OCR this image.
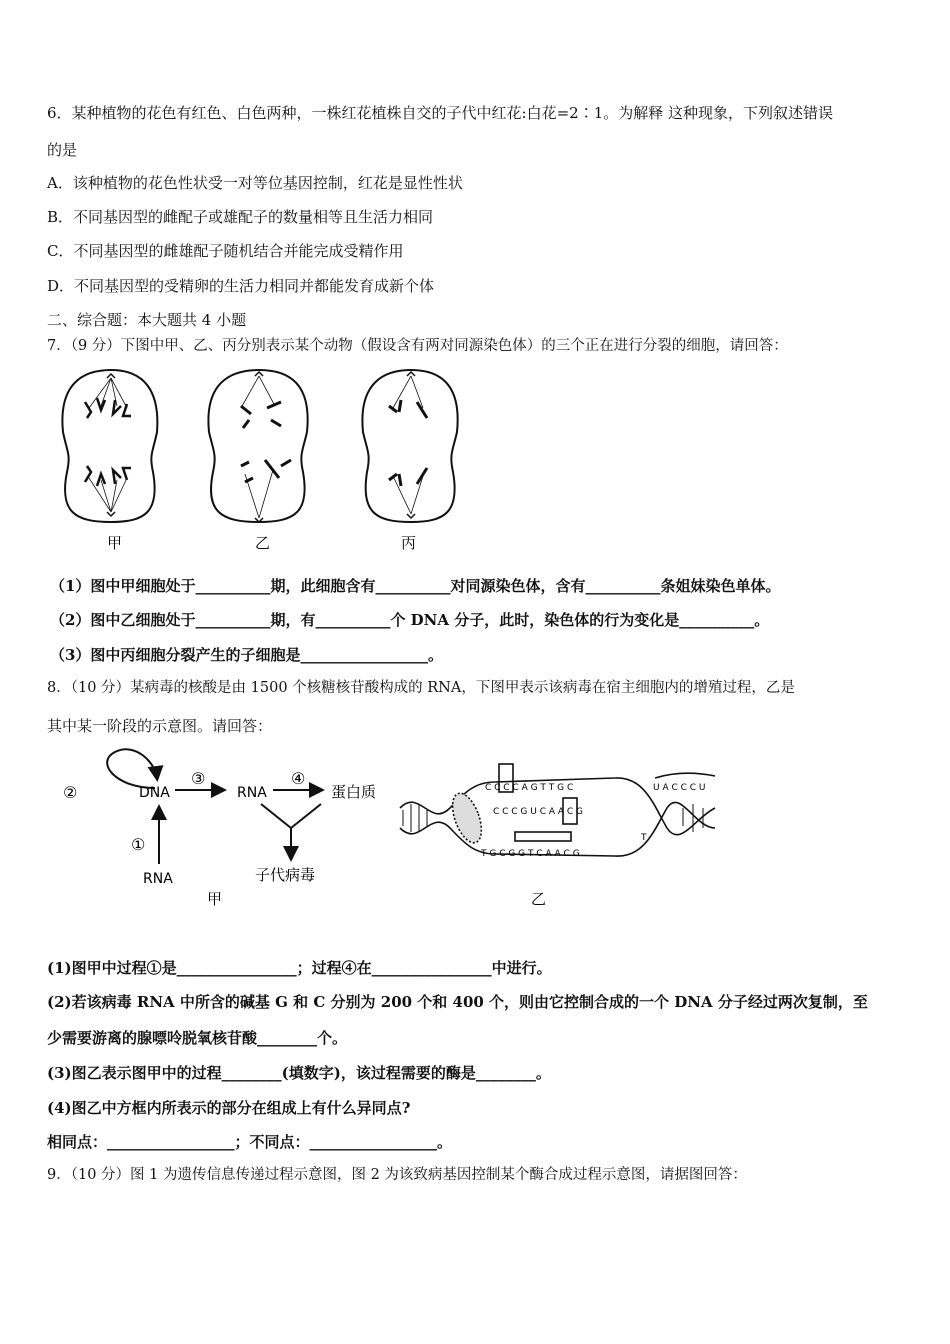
6．某种植物的花色有红色、白色两种，一株红花植株自交的子代中红花:白花=2∶1。为解释 这种现象，下列叙述错误
的是
A．该种植物的花色性状受一对等位基因控制，红花是显性性状
B．不同基因型的雌配子或雄配子的数量相等且生活力相同
C．不同基因型的雌雄配子随机结合并能完成受精作用
D．不同基因型的受精卵的生活力相同并都能发育成新个体
二、综合题：本大题共 4 小题
7．（9 分）下图中甲、乙、丙分别表示某个动物（假设含有两对同源染色体）的三个正在进行分裂的细胞，请回答：
甲	乙	丙
（1）图中甲细胞处于__________期，此细胞含有__________对同源染色体，含有__________条姐妹染色单体。
（2）图中乙细胞处于__________期，有__________个 DNA 分子，此时，染色体的行为变化是__________。
（3）图中丙细胞分裂产生的子细胞是_________________。
8．（10 分）某病毒的核酸是由 1500 个核糖核苷酸构成的 RNA，下图甲表示该病毒在宿主细胞内的增殖过程，乙是
其中某一阶段的示意图。请回答：
②	DNA
③
RNA
④
蛋白质
①
RNA	子代病毒
甲
C C C C A G T T G C
C C C G U C A A C G
T G C G G T C A A C G
U A C C C U
T
乙
(1)图甲中过程①是________________；过程④在________________中进行。
(2)若该病毒 RNA 中所含的碱基 G 和 C 分别为 200 个和 400 个，则由它控制合成的一个 DNA 分子经过两次复制，至
少需要游离的腺嘌呤脱氧核苷酸________个。
(3)图乙表示图甲中的过程________(填数字)，该过程需要的酶是________。
(4)图乙中方框内所表示的部分在组成上有什么异同点?
相同点：_________________；不同点：_________________。
9．（10 分）图 1 为遗传信息传递过程示意图，图 2 为该致病基因控制某个酶合成过程示意图，请据图回答：
